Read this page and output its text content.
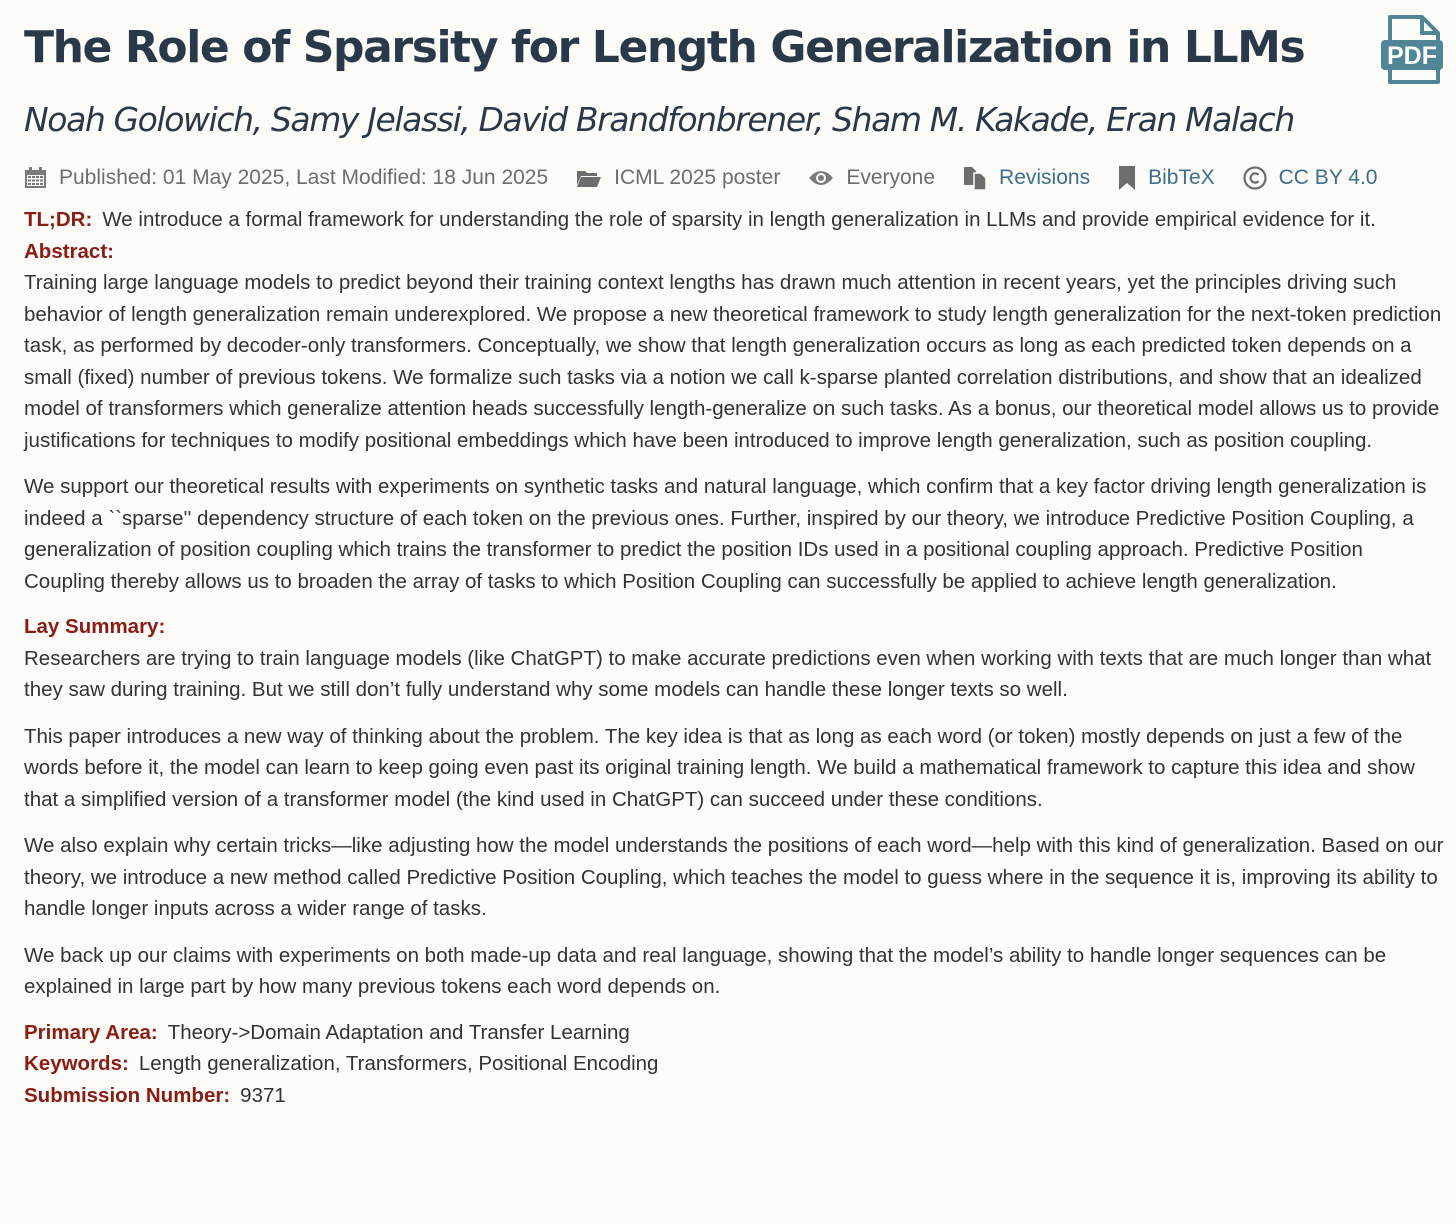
The Role of Sparsity for Length Generalization in LLMs	PDF
Noah Golowich, Samy Jelassi, David Brandfonbrener, Sham M. Kakade, Eran Malach
Published: 01 May 2025, Last Modified: 18 Jun 2025	ICML 2025 poster	Everyone	Revisions	BibTeX	CC BY 4.0

TL;DR: We introduce a formal framework for understanding the role of sparsity in length generalization in LLMs and provide empirical evidence for it.

Abstract:

Training large language models to predict beyond their training context lengths has drawn much attention in recent years, yet the principles driving such behavior of length generalization remain underexplored. We propose a new theoretical framework to study length generalization for the next-token prediction task, as performed by decoder-only transformers. Conceptually, we show that length generalization occurs as long as each predicted token depends on a small (fixed) number of previous tokens. We formalize such tasks via a notion we call k-sparse planted correlation distributions, and show that an idealized model of transformers which generalize attention heads successfully length-generalize on such tasks. As a bonus, our theoretical model allows us to provide justifications for techniques to modify positional embeddings which have been introduced to improve length generalization, such as position coupling.

We support our theoretical results with experiments on synthetic tasks and natural language, which confirm that a key factor driving length generalization is indeed a ``sparse'' dependency structure of each token on the previous ones. Further, inspired by our theory, we introduce Predictive Position Coupling, a generalization of position coupling which trains the transformer to predict the position IDs used in a positional coupling approach. Predictive Position Coupling thereby allows us to broaden the array of tasks to which Position Coupling can successfully be applied to achieve length generalization.

Lay Summary:

Researchers are trying to train language models (like ChatGPT) to make accurate predictions even when working with texts that are much longer than what they saw during training. But we still don’t fully understand why some models can handle these longer texts so well.

This paper introduces a new way of thinking about the problem. The key idea is that as long as each word (or token) mostly depends on just a few of the words before it, the model can learn to keep going even past its original training length. We build a mathematical framework to capture this idea and show that a simplified version of a transformer model (the kind used in ChatGPT) can succeed under these conditions.

We also explain why certain tricks—like adjusting how the model understands the positions of each word—help with this kind of generalization. Based on our theory, we introduce a new method called Predictive Position Coupling, which teaches the model to guess where in the sequence it is, improving its ability to handle longer inputs across a wider range of tasks.

We back up our claims with experiments on both made-up data and real language, showing that the model’s ability to handle longer sequences can be explained in large part by how many previous tokens each word depends on.

Primary Area: Theory->Domain Adaptation and Transfer Learning

Keywords: Length generalization, Transformers, Positional Encoding

Submission Number: 9371
